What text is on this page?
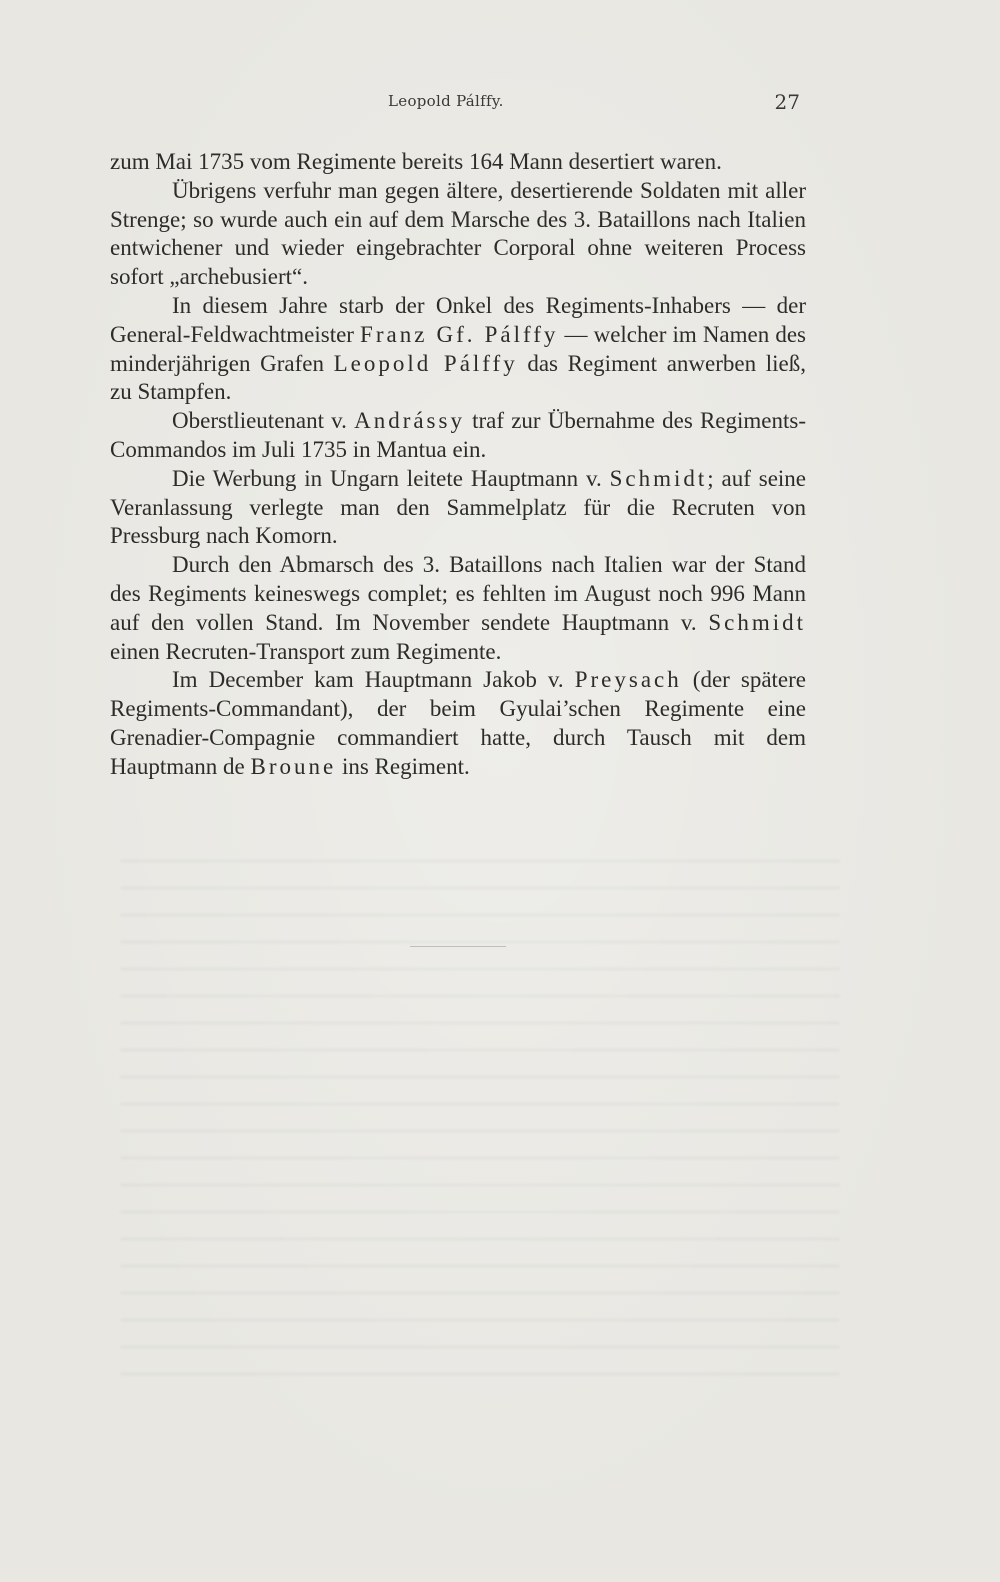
Leopold Pálffy.	27

zum Mai 1735 vom Regimente bereits 164 Mann desertiert waren.

Übrigens verfuhr man gegen ältere, desertierende Soldaten mit aller Strenge; so wurde auch ein auf dem Marsche des 3. Bataillons nach Italien entwichener und wieder eingebrachter Corporal ohne weiteren Process sofort „archebusiert“.

In diesem Jahre starb der Onkel des Regiments-Inhabers — der General-Feldwachtmeister Franz Gf. Pálffy — welcher im Namen des minderjährigen Grafen Leopold Pálffy das Regiment anwerben ließ, zu Stampfen.

Oberstlieutenant v. Andrássy traf zur Übernahme des Regiments-Commandos im Juli 1735 in Mantua ein.

Die Werbung in Ungarn leitete Hauptmann v. Schmidt; auf seine Veranlassung verlegte man den Sammelplatz für die Recruten von Pressburg nach Komorn.

Durch den Abmarsch des 3. Bataillons nach Italien war der Stand des Regiments keineswegs complet; es fehlten im August noch 996 Mann auf den vollen Stand. Im November sendete Hauptmann v. Schmidt einen Recruten-Transport zum Regimente.

Im December kam Hauptmann Jakob v. Preysach (der spätere Regiments-Commandant), der beim Gyulai’schen Regimente eine Grenadier-Compagnie commandiert hatte, durch Tausch mit dem Hauptmann de Broune ins Regiment.
